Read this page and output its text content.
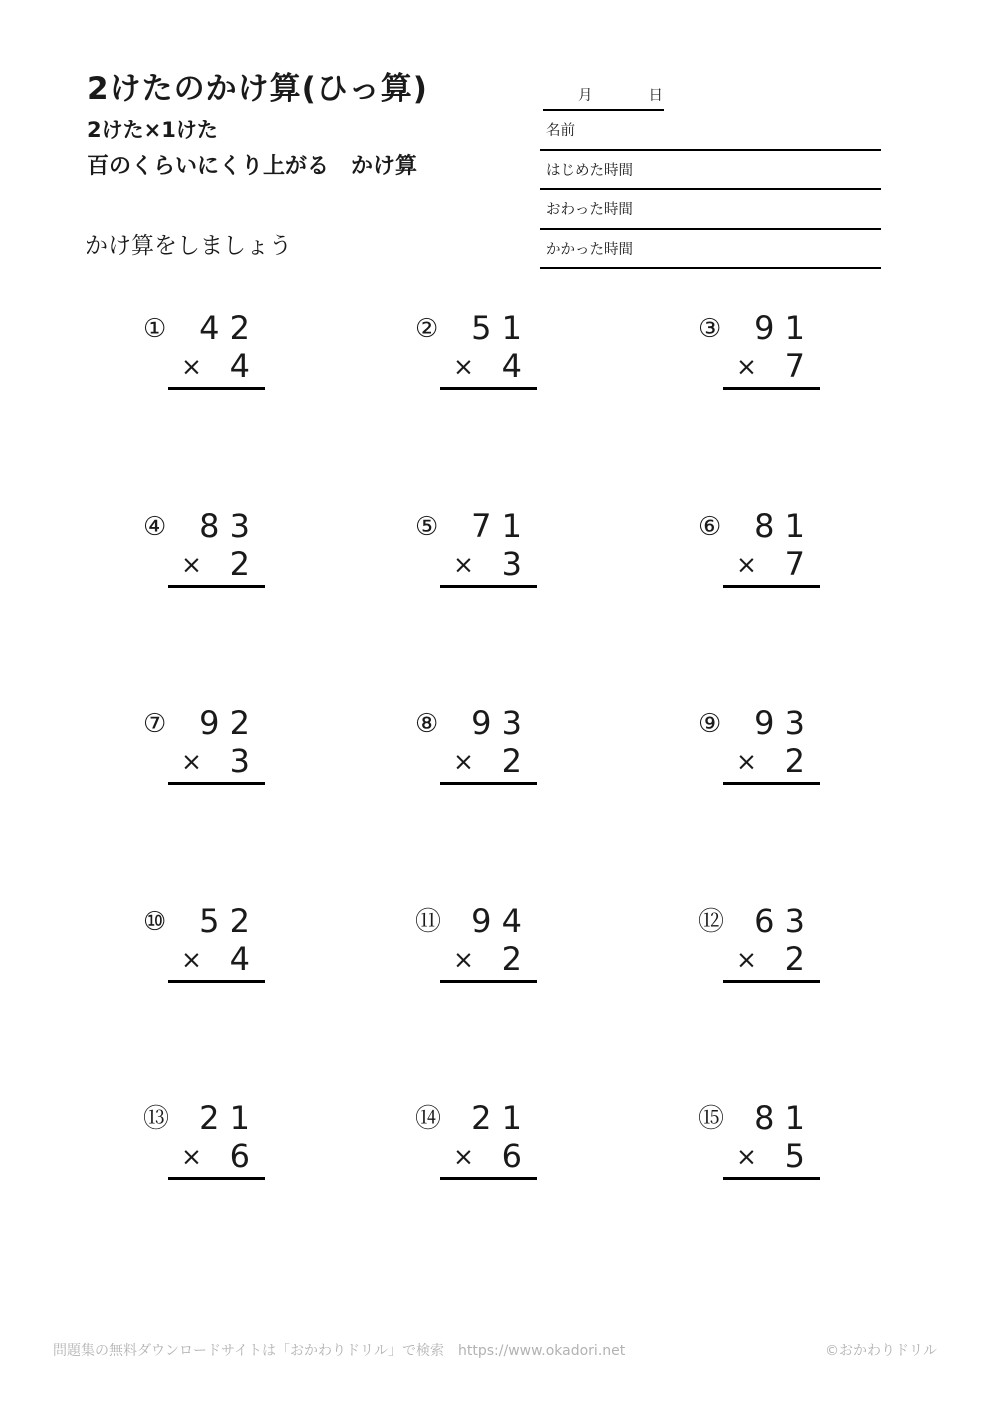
2けたのかけ算(ひっ算)
2けた×1けた
百のくらいにくり上がる　かけ算
かけ算をしましょう
月	日
名前
はじめた時間
おわった時間
かかった時間
① 4 2
× 4
② 5 1
× 4
③ 9 1
× 7
④ 8 3
× 2
⑤ 7 1
× 3
⑥ 8 1
× 7
⑦ 9 2
× 3
⑧ 9 3
× 2
⑨ 9 3
× 2
⑩ 5 2
× 4
⑪ 9 4
× 2
⑫ 6 3
× 2
⑬ 2 1
× 6
⑭ 2 1
× 6
⑮ 8 1
× 5
問題集の無料ダウンロードサイトは「おかわりドリル」で検索　https://www.okadori.net	©おかわりドリル
